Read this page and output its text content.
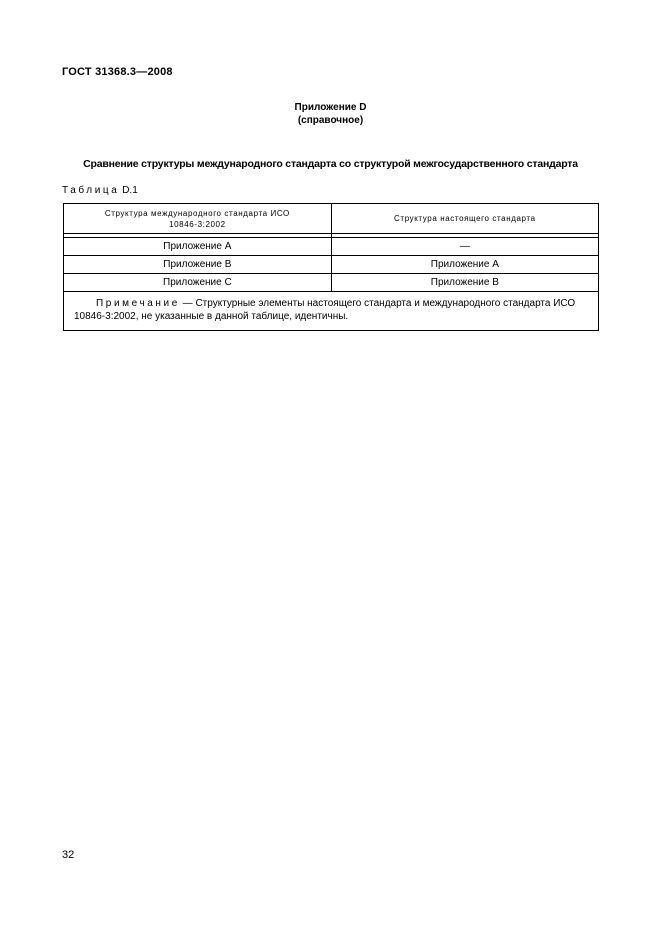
ГОСТ 31368.3—2008
Приложение D
(справочное)
Сравнение структуры международного стандарта со структурой межгосударственного стандарта
Таблица D.1
Структура международного стандарта ИСО 10846-3:2002	Структура настоящего стандарта

Приложение А	—
Приложение В	Приложение А
Приложение С	Приложение В
Примечание — Структурные элементы настоящего стандарта и международного стандарта ИСО 10846-3:2002, не указанные в данной таблице, идентичны.	
32
